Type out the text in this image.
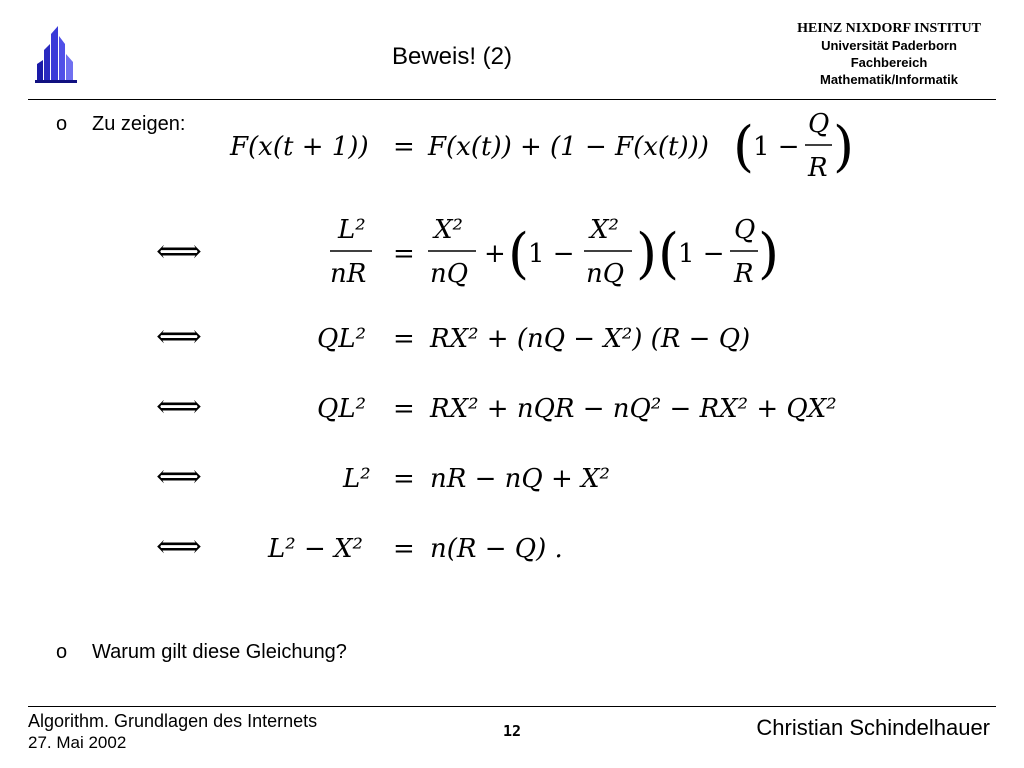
Beweis! (2)
HEINZ NIXDORF INSTITUT
Universität Paderborn
Fachbereich
Mathematik/Informatik
o Zu zeigen:
F(x(t + 1)) = F(x(t)) + (1 − F(x(t))) (
1 −
Q
R )
⟺
L²
nR
=
X²
nQ
+ (
1 −
X²
nQ ) (
1 −
Q
R )
⟺	QL² = RX² + (nQ − X²) (R − Q)
⟺	QL² = RX² + nQR − nQ² − RX² + QX²
⟺	L² = nR − nQ + X²
⟺	L² − X² = n(R − Q) .
o Warum gilt diese Gleichung?
Algorithm. Grundlagen des Internets
27. Mai 2002
12	Christian Schindelhauer
